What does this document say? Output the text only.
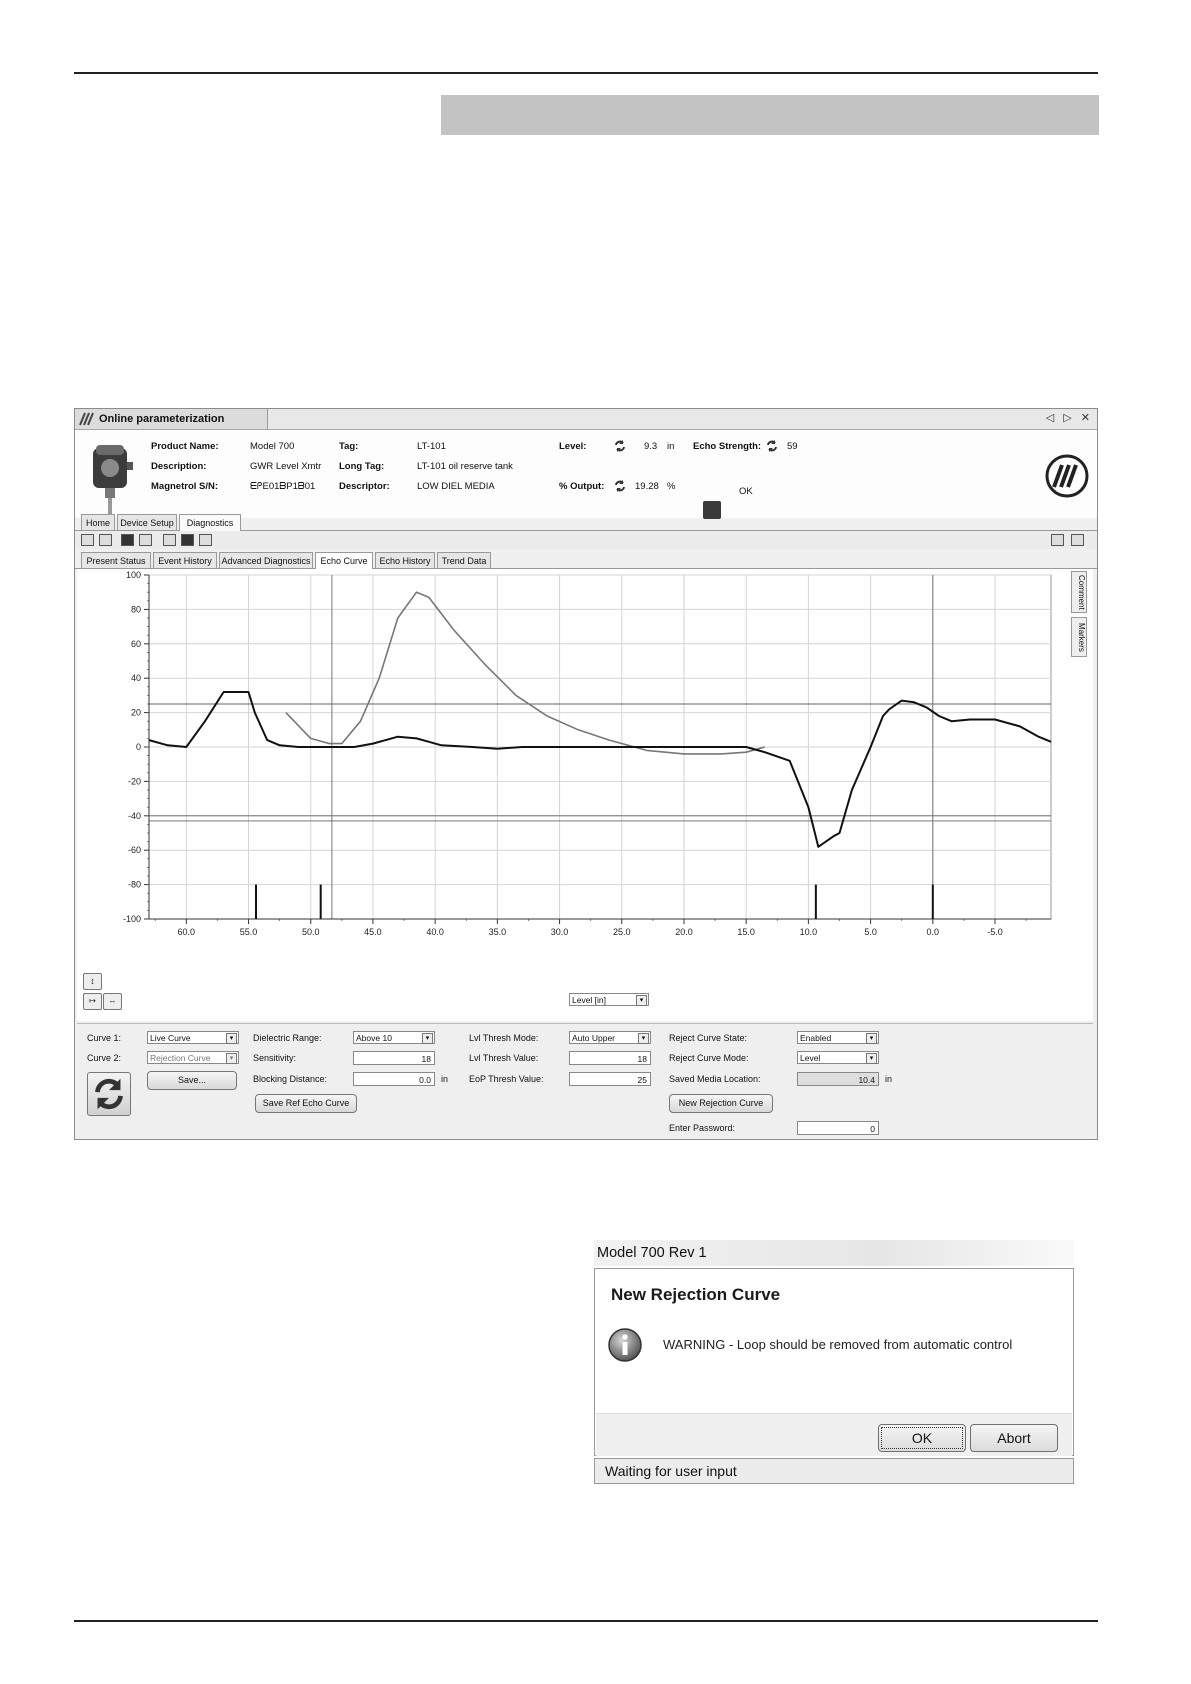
Online parameterization	◁ ▷ ✕
Product Name:	Model 700
Description:	GWR Level Xmtr
Magnetrol S/N:	ᗴᑭE01ᗷP1ᗷ01
Tag:	LT-101
Long Tag:	LT-101 oil reserve tank
Descriptor:	LOW DIEL MEDIA
Level:	9.3 in
% Output:	19.28 %
Echo Strength:	59
OK
Home	Device Setup	Diagnostics
Present Status	Event History	Advanced Diagnostics	Echo Curve	Echo History	Trend Data
100
80
60
40
20
0
-20
-40
-60
-80
-100
60.0	55.0	50.0	45.0	40.0	35.0	30.0	25.0	20.0	15.0	10.0	5.0	0.0	-5.0
Comment
Markers
↕
↦	↔	Level [in]	▾
Curve 1:	Live Curve	▾
Curve 2:	Rejection Curve	▾
Save...
Dielectric Range:	Above 10	▾
Sensitivity:	18
Blocking Distance:	0.0	in
Save Ref Echo Curve
Lvl Thresh Mode:	Auto Upper	▾
Lvl Thresh Value:	18
EoP Thresh Value:	25
Reject Curve State:	Enabled	▾
Reject Curve Mode:	Level	▾
Saved Media Location:	10.4	in
New Rejection Curve
Enter Password:	0
Model 700 Rev 1
New Rejection Curve
WARNING - Loop should be removed from automatic control
OK	Abort
Waiting for user input
